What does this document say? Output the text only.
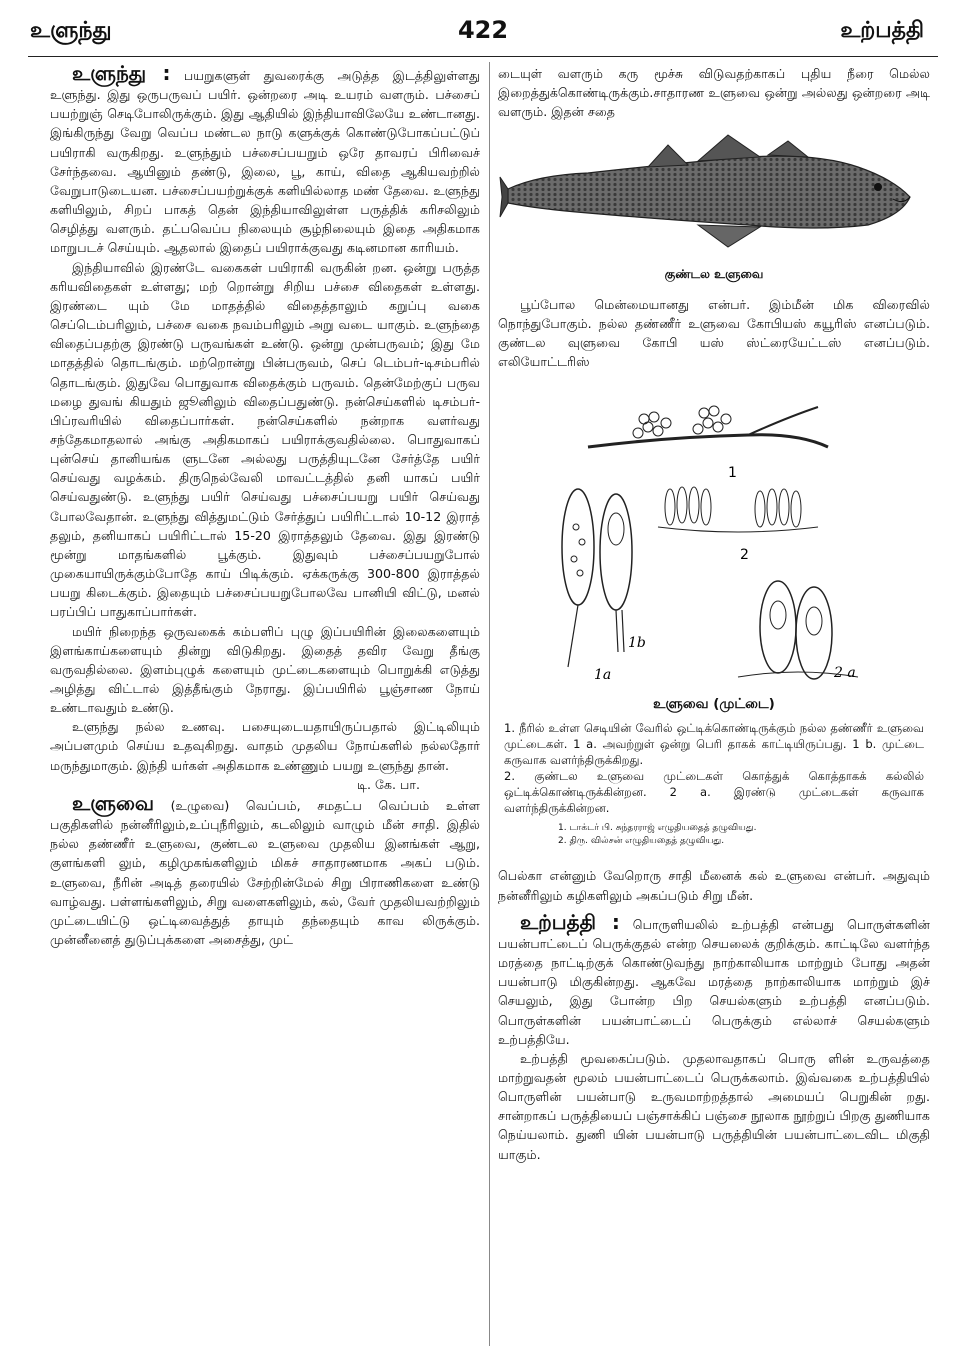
உளுந்து	422	உற்பத்தி

உளுந்து : பயறுகளுள் துவரைக்கு அடுத்த இடத்திலுள்ளது உளுந்து. இது ஒருபருவப் பயிர். ஒன்றரை அடி உயரம் வளரும். பச்சைப் பயற்றுஞ் செடிபோலிருக்கும். இது ஆதியில் இந்தியாவிலேயே உண்டானது. இங்கிருந்து வேறு வெப்ப மண்டல நாடு களுக்குக் கொண்டுபோகப்பட்டுப் பயிராகி வருகிறது. உளுந்தும் பச்சைப்பயறும் ஒரே தாவரப் பிரிவைச் சேர்ந்தவை. ஆயினும் தண்டு, இலை, பூ, காய், விதை ஆகியவற்றில் வேறுபாடுடையன. பச்சைப்பயற்றுக்குக் களியில்லாத மண் தேவை. உளுந்து களியிலும், சிறப் பாகத் தென் இந்தியாவிலுள்ள பருத்திக் கரிசலிலும் செழித்து வளரும். தட்பவெப்ப நிலையும் சூழ்நிலையும் இதை அதிகமாக மாறுபடச் செய்யும். ஆதலால் இதைப் பயிராக்குவது கடினமான காரியம்.

இந்தியாவில் இரண்டே வகைகள் பயிராகி வருகின் றன. ஒன்று பருத்த கரியவிதைகள் உள்ளது; மற் றொன்று சிறிய பச்சை விதைகள் உள்ளது. இரண்டை யும் மே மாதத்தில் விதைத்தாலும் கறுப்பு வகை செப்டெம்பரிலும், பச்சை வகை நவம்பரிலும் அறு வடை யாகும். உளுந்தை விதைப்பதற்கு இரண்டு பருவங்கள் உண்டு. ஒன்று முன்பருவம்; இது மே மாதத்தில் தொடங்கும். மற்றொன்று பின்பருவம், செப் டெம்பர்-டிசம்பரில் தொடங்கும். இதுவே பொதுவாக விதைக்கும் பருவம். தென்மேற்குப் பருவ மழை துவங் கியதும் ஜூனிலும் விதைப்பதுண்டு. நன்செய்களில் டிசம்பர்-பிப்ரவரியில் விதைப்பார்கள். நன்செய்களில் நன்றாக வளர்வது சந்தேகமாதலால் அங்கு அதிகமாகப் பயிராக்குவதில்லை. பொதுவாகப் புன்செய் தானியங்க ளுடனே அல்லது பருத்தியுடனே சேர்த்தே பயிர் செய்வது வழக்கம். திருநெல்வேலி மாவட்டத்தில் தனி யாகப் பயிர் செய்வதுண்டு. உளுந்து பயிர் செய்வது பச்சைப்பயறு பயிர் செய்வது போலவேதான். உளுந்து வித்துமட்டும் சேர்த்துப் பயிரிட்டால் 10-12 இராத் தலும், தனியாகப் பயிரிட்டால் 15-20 இராத்தலும் தேவை. இது இரண்டு மூன்று மாதங்களில் பூக்கும். இதுவும் பச்சைப்பயறுபோல் முகையாயிருக்கும்போதே காய் பிடிக்கும். ஏக்கருக்கு 300-800 இராத்தல் பயறு கிடைக்கும். இதையும் பச்சைப்பயறுபோலவே பானியி விட்டு, மனல் பரப்பிப் பாதுகாப்பார்கள்.

மயிர் நிறைந்த ஒருவகைக் கம்பளிப் புழு இப்பயிரின் இலைகளையும் இளங்காய்களையும் தின்று விடுகிறது. இதைத் தவிர வேறு தீங்கு வருவதில்லை. இளம்புழுக் களையும் முட்டைகளையும் பொறுக்கி எடுத்து அழித்து விட்டால் இத்தீங்கும் நேராது. இப்பயிரில் பூஞ்சாண நோய் உண்டாவதும் உண்டு.

உளுந்து நல்ல உணவு. பசையுடையதாயிருப்பதால் இட்டிலியும் அப்பளமும் செய்ய உதவுகிறது. வாதம் முதலிய நோய்களில் நல்லதோர் மருந்துமாகும். இந்தி யர்கள் அதிகமாக உண்ணும் பயறு உளுந்து தான்.
டி. கே. பா.

உளுவை (உழுவை) வெப்பம், சமதட்ப வெப்பம் உள்ள பகுதிகளில் நன்னீரிலும்,உப்புநீரிலும், கடலிலும் வாழும் மீன் சாதி. இதில் நல்ல தண்ணீர் உளுவை, குண்டல உளுவை முதலிய இனங்கள் ஆறு, குளங்களி லும், கழிமுகங்களிலும் மிகச் சாதாரணமாக அகப் படும். உளுவை, நீரின் அடித் தரையில் சேற்றின்மேல் சிறு பிராணிகளை உண்டு வாழ்வது. பள்ளங்களிலும், சிறு வளைகளிலும், கல், வேர் முதலியவற்றிலும் முட்டையிட்டு ஒட்டிவைத்துத் தாயும் தந்தையும் காவ லிருக்கும். முன்னீனைத் துடுப்புக்களை அசைத்து, முட்

டையுள் வளரும் கரு மூச்சு விடுவதற்காகப் புதிய நீரை மெல்ல இறைத்துக்கொண்டிருக்கும்.சாதாரண உளுவை ஒன்று அல்லது ஒன்றரை அடி வளரும். இதன் சதை

குண்டல உளுவை

பூப்போல மென்மையானது என்பர். இம்மீன் மிக விரைவில் நொந்துபோகும். நல்ல தண்ணீர் உளுவை கோபியஸ் கயூரிஸ் எனப்படும். குண்டல வுளுவை கோபி யஸ் ஸ்ட்ரையேட்டஸ் எனப்படும். எலியோட்டரிஸ்

1
1b
1a
2
2 a
உளுவை (முட்டை)
1. நீரில் உள்ள செடியின் வேரில் ஒட்டிக்கொண்டிருக்கும் நல்ல தண்ணீர் உளுவை முட்டைகள். 1 a. அவற்றுள் ஒன்று பெரி தாகக் காட்டியிருப்பது. 1 b. முட்டை கருவாக வளர்ந்திருக்கிறது.
2. குண்டல உளுவை முட்டைகள் கொத்துக் கொத்தாகக் கல்லில் ஒட்டிக்கொண்டிருக்கின்றன. 2 a. இரண்டு முட்டைகள் கருவாக வளர்ந்திருக்கின்றன.
1. டாக்டர் பி. சுந்தரராஜ் எழுதியதைத் தழுவியது.
2. திரு. வில்சன் எழுதியதைத் தழுவியது.

பெல்கா என்னும் வேறொரு சாதி மீனைக் கல் உளுவை என்பர். அதுவும் நன்னீரிலும் கழிகளிலும் அகப்படும் சிறு மீன்.

உற்பத்தி : பொருளியலில் உற்பத்தி என்பது பொருள்களின் பயன்பாட்டைப் பெருக்குதல் என்ற செயலைக் குறிக்கும். காட்டிலே வளர்ந்த மரத்தை நாட்டிற்குக் கொண்டுவந்து நாற்காலியாக மாற்றும் போது அதன் பயன்பாடு மிகுகின்றது. ஆகவே மரத்தை நாற்காலியாக மாற்றும் இச் செயலும், இது போன்ற பிற செயல்களும் உற்பத்தி எனப்படும். பொருள்களின் பயன்பாட்டைப் பெருக்கும் எல்லாச் செயல்களும் உற்பத்தியே.

உற்பத்தி மூவகைப்படும். முதலாவதாகப் பொரு ளின் உருவத்தை மாற்றுவதன் மூலம் பயன்பாட்டைப் பெருக்கலாம். இவ்வகை உற்பத்தியில் பொருளின் பயன்பாடு உருவமாற்றத்தால் அமையப் பெறுகின் றது. சான்றாகப் பருத்தியைப் பஞ்சாக்கிப் பஞ்சை நூலாக நூற்றுப் பிறகு துணியாக நெய்யலாம். துணி யின் பயன்பாடு பருத்தியின் பயன்பாட்டைவிட மிகுதி யாகும்.
